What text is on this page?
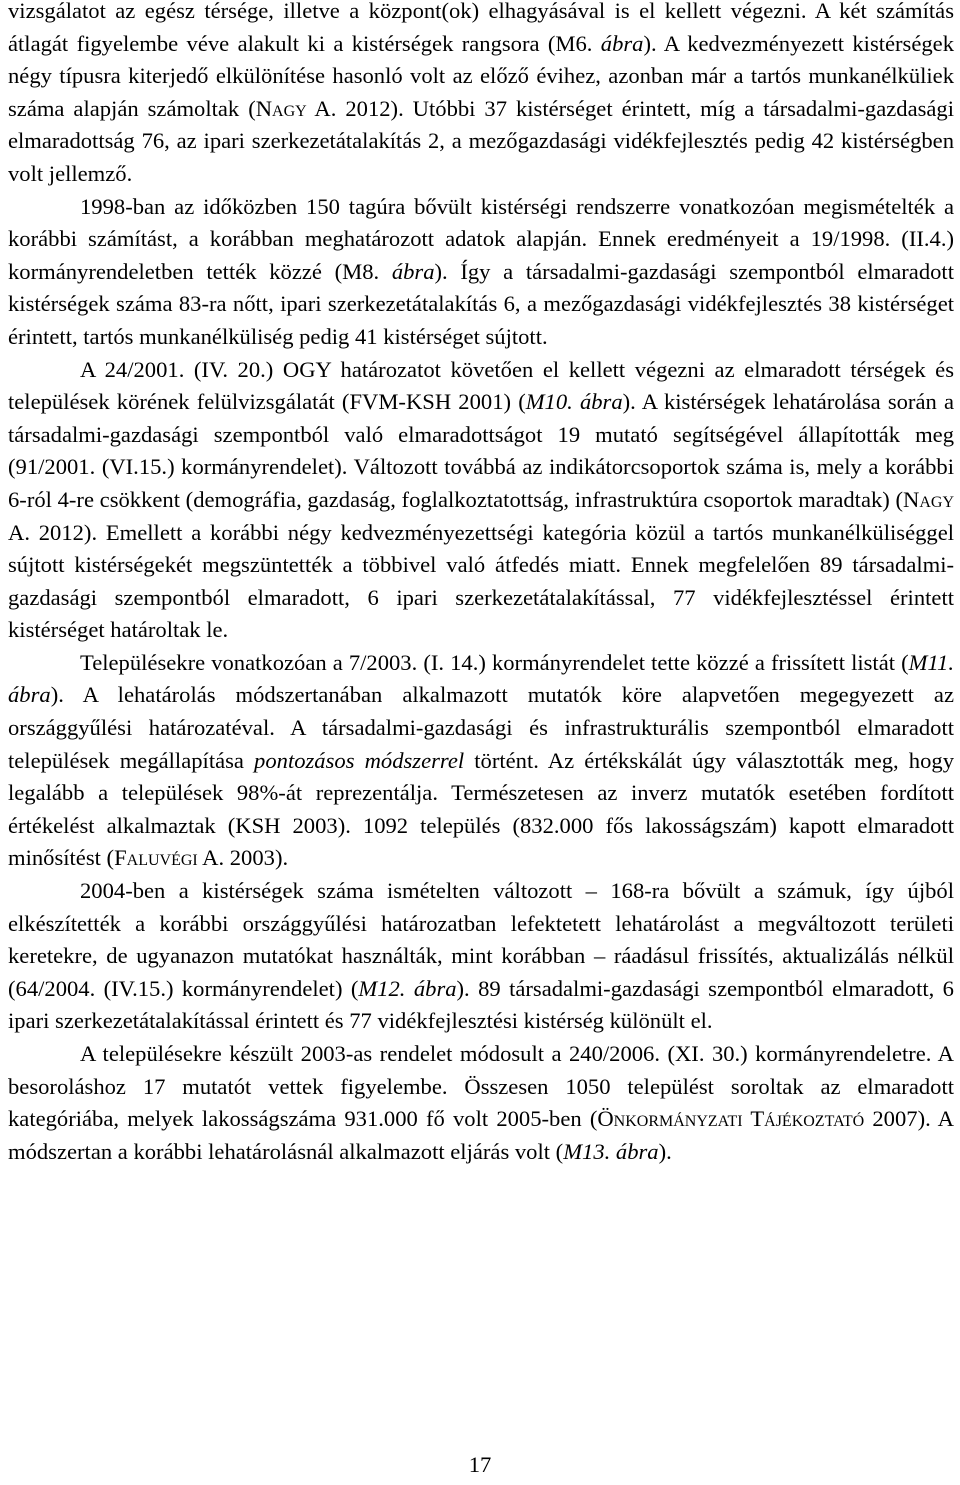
vizsgálatot az egész térsége, illetve a központ(ok) elhagyásával is el kellett végezni. A két számítás átlagát figyelembe véve alakult ki a kistérségek rangsora (M6. ábra). A kedvezményezett kistérségek négy típusra kiterjedő elkülönítése hasonló volt az előző évihez, azonban már a tartós munkanélküliek száma alapján számoltak (Nagy A. 2012). Utóbbi 37 kistérséget érintett, míg a társadalmi-gazdasági elmaradottság 76, az ipari szerkezetátalakítás 2, a mezőgazdasági vidékfejlesztés pedig 42 kistérségben volt jellemző.

1998-ban az időközben 150 tagúra bővült kistérségi rendszerre vonatkozóan megismételték a korábbi számítást, a korábban meghatározott adatok alapján. Ennek eredményeit a 19/1998. (II.4.) kormányrendeletben tették közzé (M8. ábra). Így a társadalmi-gazdasági szempontból elmaradott kistérségek száma 83-ra nőtt, ipari szerkezetátalakítás 6, a mezőgazdasági vidékfejlesztés 38 kistérséget érintett, tartós munkanélküliség pedig 41 kistérséget sújtott.

A 24/2001. (IV. 20.) OGY határozatot követően el kellett végezni az elmaradott térségek és települések körének felülvizsgálatát (FVM-KSH 2001) (M10. ábra). A kistérségek lehatárolása során a társadalmi-gazdasági szempontból való elmaradottságot 19 mutató segítségével állapították meg (91/2001. (VI.15.) kormányrendelet). Változott továbbá az indikátorcsoportok száma is, mely a korábbi 6-ról 4-re csökkent (demográfia, gazdaság, foglalkoztatottság, infrastruktúra csoportok maradtak) (Nagy A. 2012). Emellett a korábbi négy kedvezményezettségi kategória közül a tartós munkanélküliséggel sújtott kistérségekét megszüntették a többivel való átfedés miatt. Ennek megfelelően 89 társadalmi-gazdasági szempontból elmaradott, 6 ipari szerkezetátalakítással, 77 vidékfejlesztéssel érintett kistérséget határoltak le.

Településekre vonatkozóan a 7/2003. (I. 14.) kormányrendelet tette közzé a frissített listát (M11. ábra). A lehatárolás módszertanában alkalmazott mutatók köre alapvetően megegyezett az országgyűlési határozatéval. A társadalmi-gazdasági és infrastrukturális szempontból elmaradott települések megállapítása pontozásos módszerrel történt. Az értékskálát úgy választották meg, hogy legalább a települések 98%-át reprezentálja. Természetesen az inverz mutatók esetében fordított értékelést alkalmaztak (KSH 2003). 1092 település (832.000 fős lakosságszám) kapott elmaradott minősítést (Faluvégi A. 2003).

2004-ben a kistérségek száma ismételten változott – 168-ra bővült a számuk, így újból elkészítették a korábbi országgyűlési határozatban lefektetett lehatárolást a megváltozott területi keretekre, de ugyanazon mutatókat használták, mint korábban – ráadásul frissítés, aktualizálás nélkül (64/2004. (IV.15.) kormányrendelet) (M12. ábra). 89 társadalmi-gazdasági szempontból elmaradott, 6 ipari szerkezetátalakítással érintett és 77 vidékfejlesztési kistérség különült el.

A településekre készült 2003-as rendelet módosult a 240/2006. (XI. 30.) kormányrendeletre. A besoroláshoz 17 mutatót vettek figyelembe. Összesen 1050 települést soroltak az elmaradott kategóriába, melyek lakosságszáma 931.000 fő volt 2005-ben (Önkormányzati Tájékoztató 2007). A módszertan a korábbi lehatárolásnál alkalmazott eljárás volt (M13. ábra).

17
